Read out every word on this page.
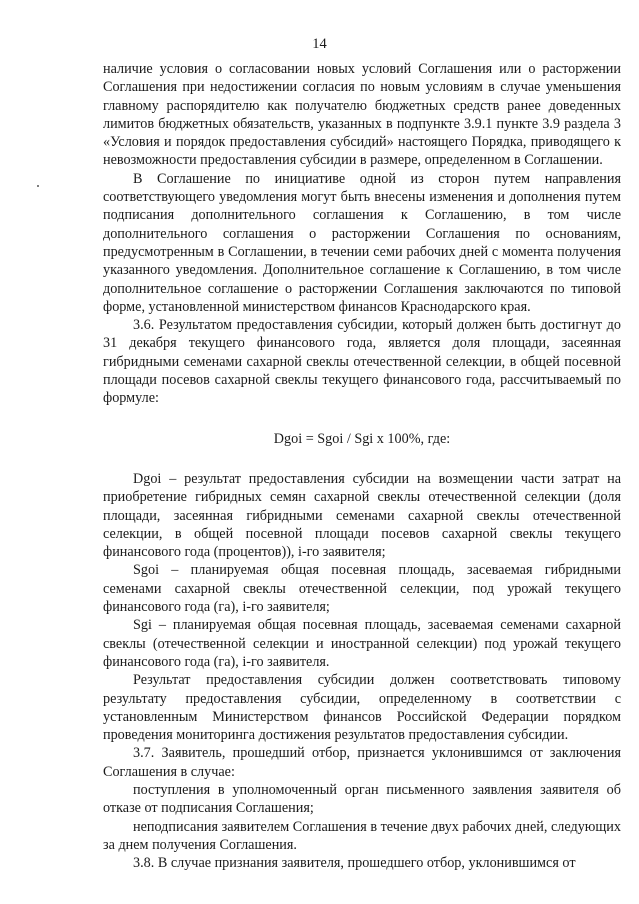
14

наличие условия о согласовании новых условий Соглашения или о расторжении Соглашения при недостижении согласия по новым условиям в случае уменьшения главному распорядителю как получателю бюджетных средств ранее доведенных лимитов бюджетных обязательств, указанных в подпункте 3.9.1 пункте 3.9 раздела 3 «Условия и порядок предоставления субсидий» настоящего Порядка, приводящего к невозможности предоставления субсидии в размере, определенном в Соглашении.

В Соглашение по инициативе одной из сторон путем направления соответствующего уведомления могут быть внесены изменения и дополнения путем подписания дополнительного соглашения к Соглашению, в том числе дополнительного соглашения о расторжении Соглашения по основаниям, предусмотренным в Соглашении, в течении семи рабочих дней с момента получения указанного уведомления. Дополнительное соглашение к Соглашению, в том числе дополнительное соглашение о расторжении Соглашения заключаются по типовой форме, установленной министерством финансов Краснодарского края.

3.6. Результатом предоставления субсидии, который должен быть достигнут до 31 декабря текущего финансового года, является доля площади, засеянная гибридными семенами сахарной свеклы отечественной селекции, в общей посевной площади посевов сахарной свеклы текущего финансового года, рассчитываемый по формуле:

Dgoi = Sgoi / Sgi x 100%, где:

Dgoi – результат предоставления субсидии на возмещении части затрат на приобретение гибридных семян сахарной свеклы отечественной селекции (доля площади, засеянная гибридными семенами сахарной свеклы отечественной селекции, в общей посевной площади посевов сахарной свеклы текущего финансового года (процентов)), i-го заявителя;

Sgoi – планируемая общая посевная площадь, засеваемая гибридными семенами сахарной свеклы отечественной селекции, под урожай текущего финансового года (га), i-го заявителя;

Sgi – планируемая общая посевная площадь, засеваемая семенами сахарной свеклы (отечественной селекции и иностранной селекции) под урожай текущего финансового года (га), i-го заявителя.

Результат предоставления субсидии должен соответствовать типовому результату предоставления субсидии, определенному в соответствии с установленным Министерством финансов Российской Федерации порядком проведения мониторинга достижения результатов предоставления субсидии.

3.7. Заявитель, прошедший отбор, признается уклонившимся от заключения Соглашения в случае:

поступления в уполномоченный орган письменного заявления заявителя об отказе от подписания Соглашения;

неподписания заявителем Соглашения в течение двух рабочих дней, следующих за днем получения Соглашения.

3.8. В случае признания заявителя, прошедшего отбор, уклонившимся от
